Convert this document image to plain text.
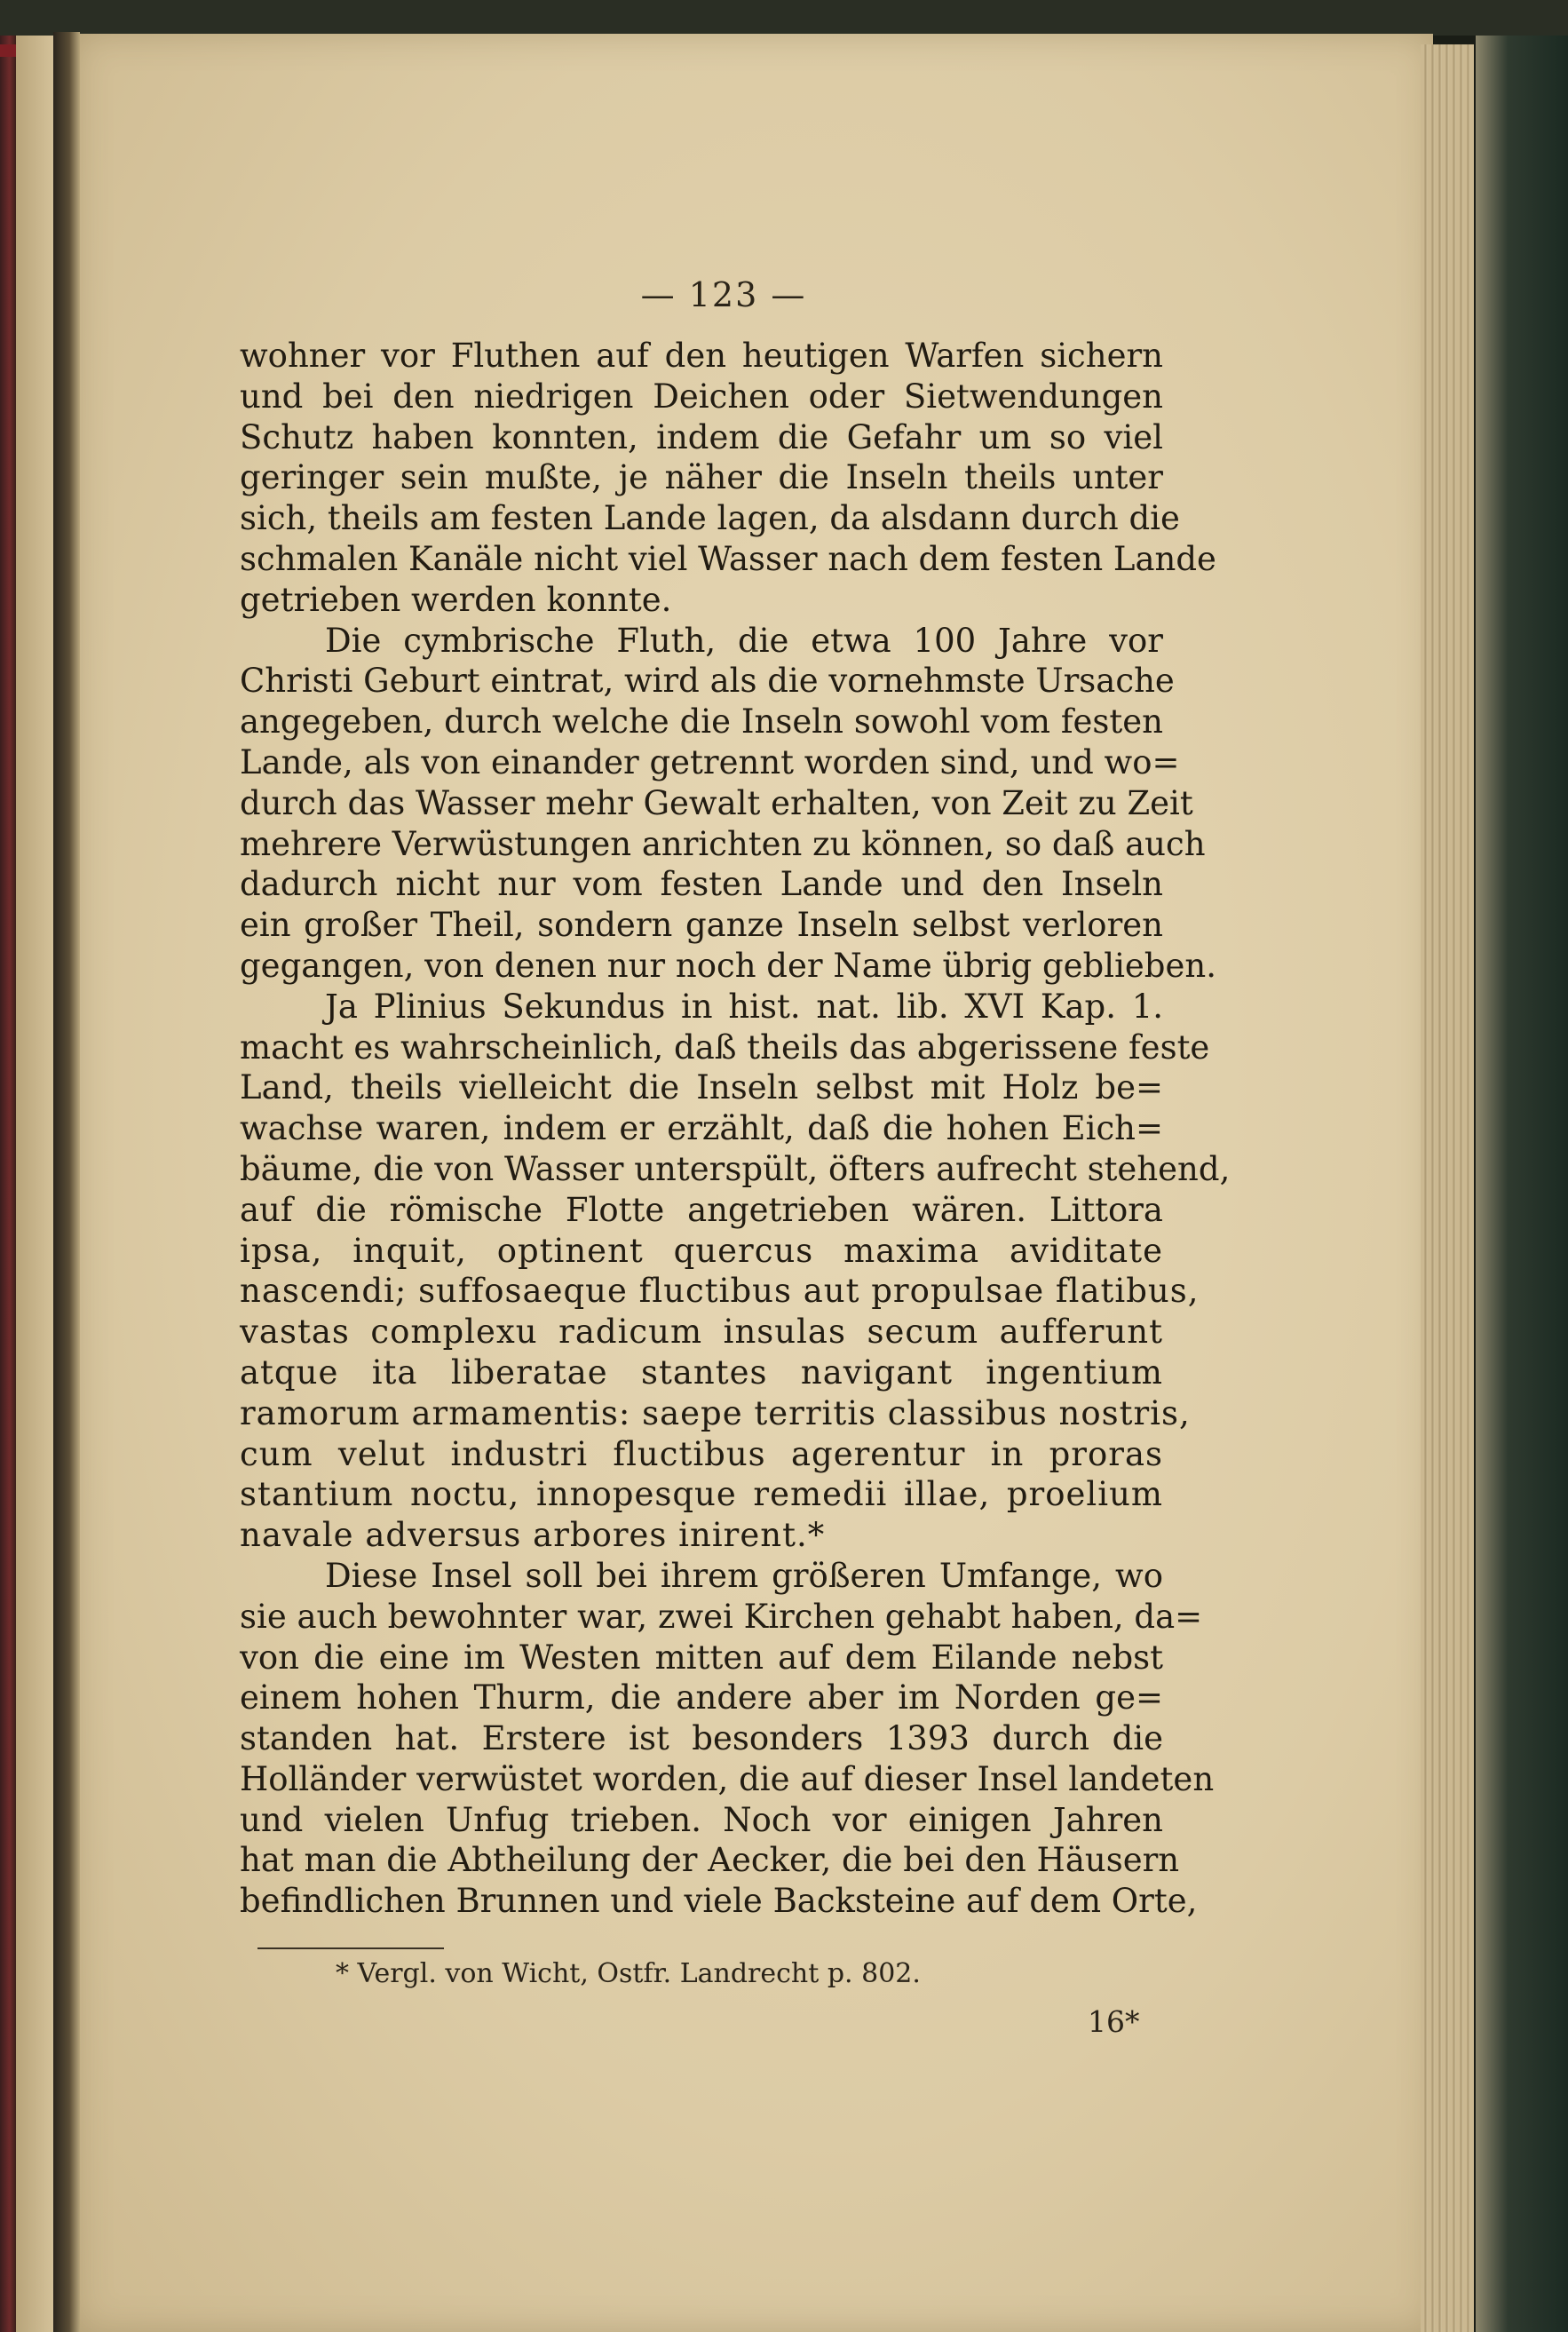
— 123 —
wohner vor Fluthen auf den heutigen Warfen sichern
und bei den niedrigen Deichen oder Sietwendungen
Schutz haben konnten, indem die Gefahr um so viel
geringer sein mußte, je näher die Inseln theils unter
sich, theils am festen Lande lagen, da alsdann durch die
schmalen Kanäle nicht viel Wasser nach dem festen Lande
getrieben werden konnte.
Die cymbrische Fluth, die etwa 100 Jahre vor
Christi Geburt eintrat, wird als die vornehmste Ursache
angegeben, durch welche die Inseln sowohl vom festen
Lande, als von einander getrennt worden sind, und wo=
durch das Wasser mehr Gewalt erhalten, von Zeit zu Zeit
mehrere Verwüstungen anrichten zu können, so daß auch
dadurch nicht nur vom festen Lande und den Inseln
ein großer Theil, sondern ganze Inseln selbst verloren
gegangen, von denen nur noch der Name übrig geblieben.
Ja Plinius Sekundus in hist. nat. lib. XVI Kap. 1.
macht es wahrscheinlich, daß theils das abgerissene feste
Land, theils vielleicht die Inseln selbst mit Holz be=
wachse waren, indem er erzählt, daß die hohen Eich=
bäume, die von Wasser unterspült, öfters aufrecht stehend,
auf die römische Flotte angetrieben wären. Littora
ipsa, inquit, optinent quercus maxima aviditate
nascendi; suffosaeque fluctibus aut propulsae flatibus,
vastas complexu radicum insulas secum aufferunt
atque ita liberatae stantes navigant ingentium
ramorum armamentis: saepe territis classibus nostris,
cum velut industri fluctibus agerentur in proras
stantium noctu, innopesque remedii illae, proelium
navale adversus arbores inirent.*
Diese Insel soll bei ihrem größeren Umfange, wo
sie auch bewohnter war, zwei Kirchen gehabt haben, da=
von die eine im Westen mitten auf dem Eilande nebst
einem hohen Thurm, die andere aber im Norden ge=
standen hat. Erstere ist besonders 1393 durch die
Holländer verwüstet worden, die auf dieser Insel landeten
und vielen Unfug trieben. Noch vor einigen Jahren
hat man die Abtheilung der Aecker, die bei den Häusern
befindlichen Brunnen und viele Backsteine auf dem Orte,
* Vergl. von Wicht, Ostfr. Landrecht p. 802.
16*
